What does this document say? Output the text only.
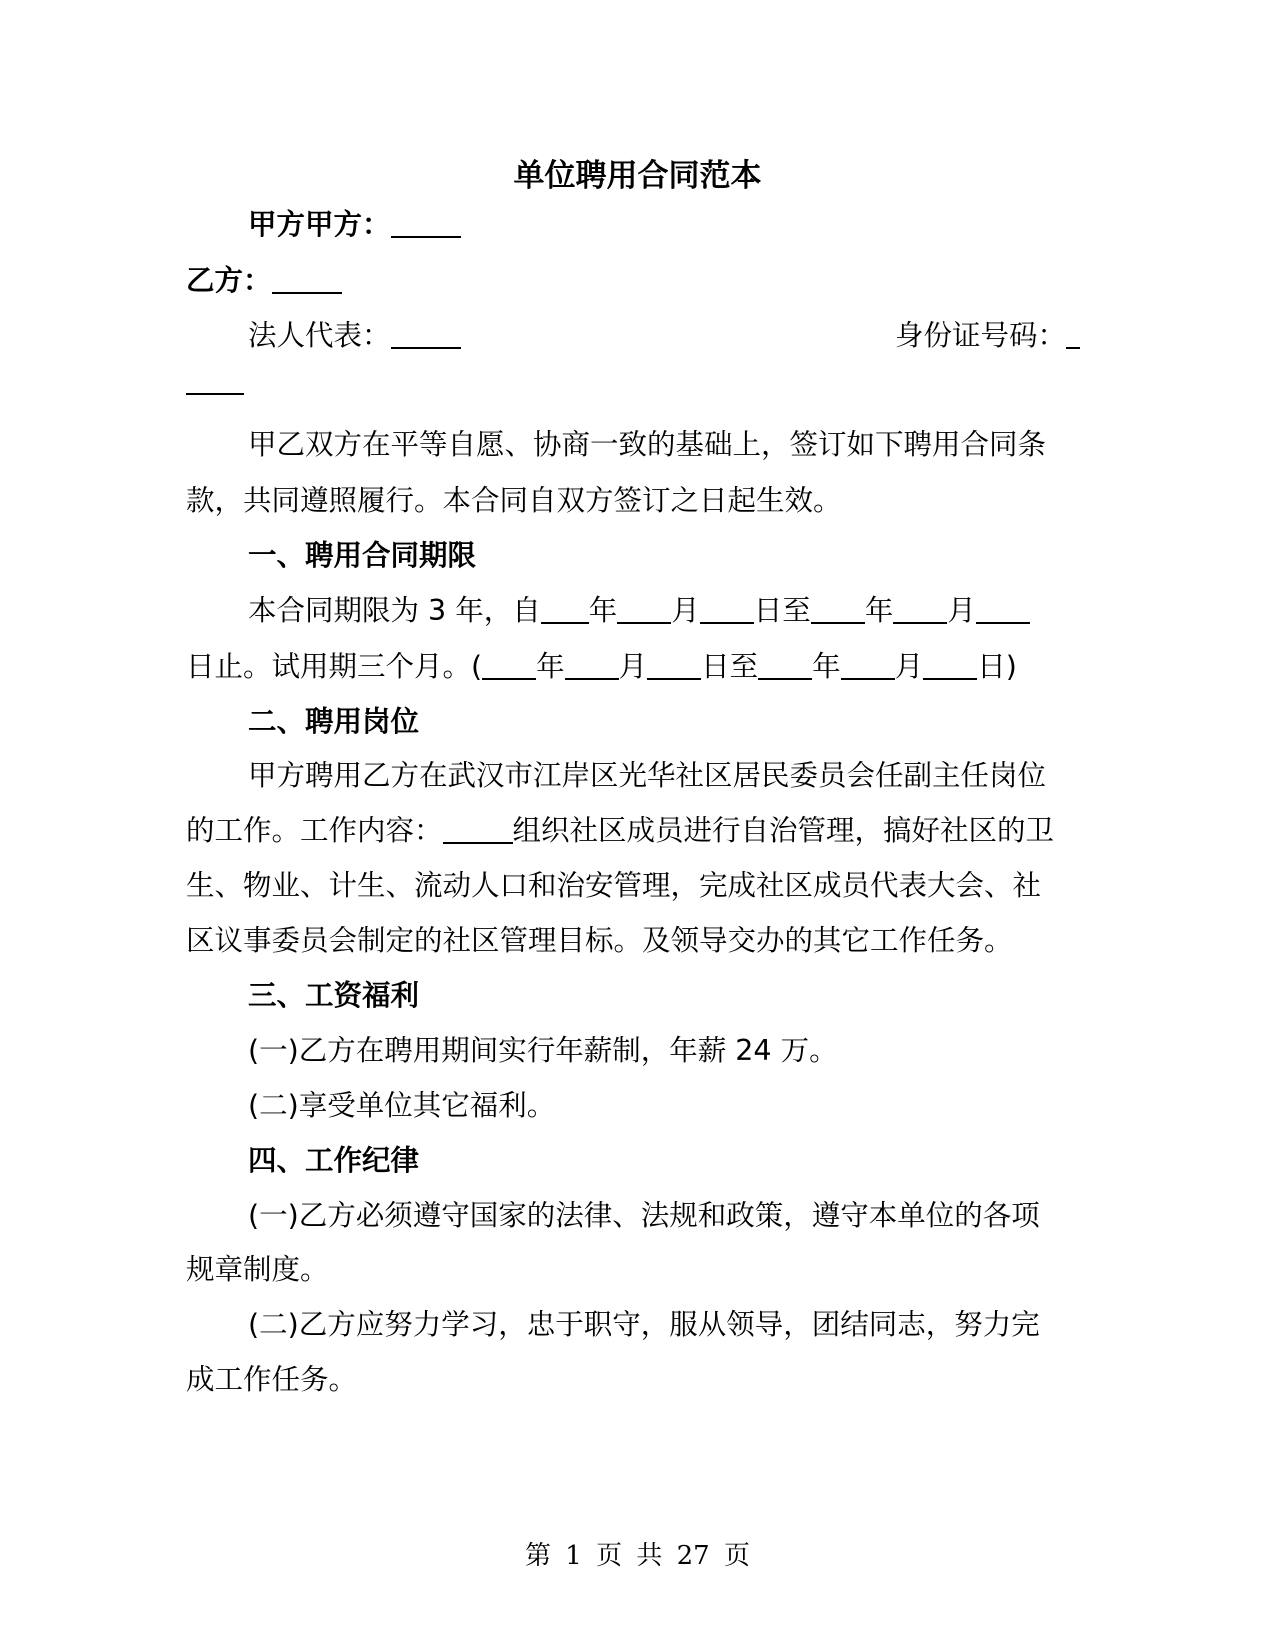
单位聘用合同范本
甲方甲方：
乙方：
法人代表：	身份证号码：
甲乙双方在平等自愿、协商一致的基础上，签订如下聘用合同条
款，共同遵照履行。本合同自双方签订之日起生效。
一、聘用合同期限
本合同期限为 3 年，自 年 月 日至 年 月
日止。试用期三个月。( 年 月 日至 年 月 日)
二、聘用岗位
甲方聘用乙方在武汉市江岸区光华社区居民委员会任副主任岗位
的工作。工作内容： 组织社区成员进行自治管理，搞好社区的卫
生、物业、计生、流动人口和治安管理，完成社区成员代表大会、社
区议事委员会制定的社区管理目标。及领导交办的其它工作任务。
三、工资福利
(一)乙方在聘用期间实行年薪制，年薪 24 万。
(二)享受单位其它福利。
四、工作纪律
(一)乙方必须遵守国家的法律、法规和政策，遵守本单位的各项
规章制度。
(二)乙方应努力学习，忠于职守，服从领导，团结同志，努力完
成工作任务。
第 1 页 共 27 页
